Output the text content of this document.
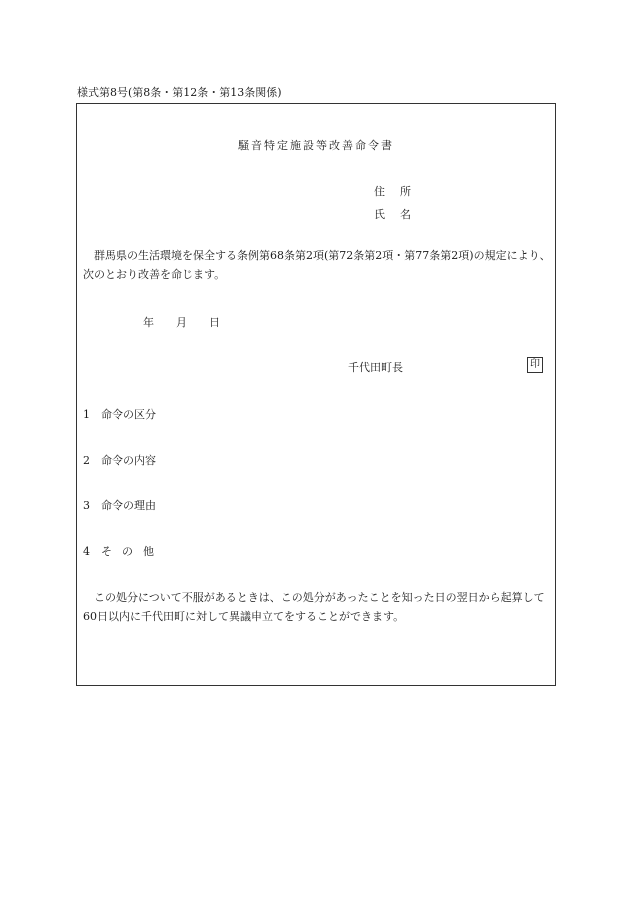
様式第8号(第8条・第12条・第13条関係)
騒音特定施設等改善命令書
住 所
氏 名
群馬県の生活環境を保全する条例第68条第2項(第72条第2項・第77条第2項)の規定により、次のとおり改善を命じます。
年 月 日
千代田町長	印
1 命令の区分
2 命令の内容
3 命令の理由
4 そ の 他
この処分について不服があるときは、この処分があったことを知った日の翌日から起算して60日以内に千代田町に対して異議申立てをすることができます。
